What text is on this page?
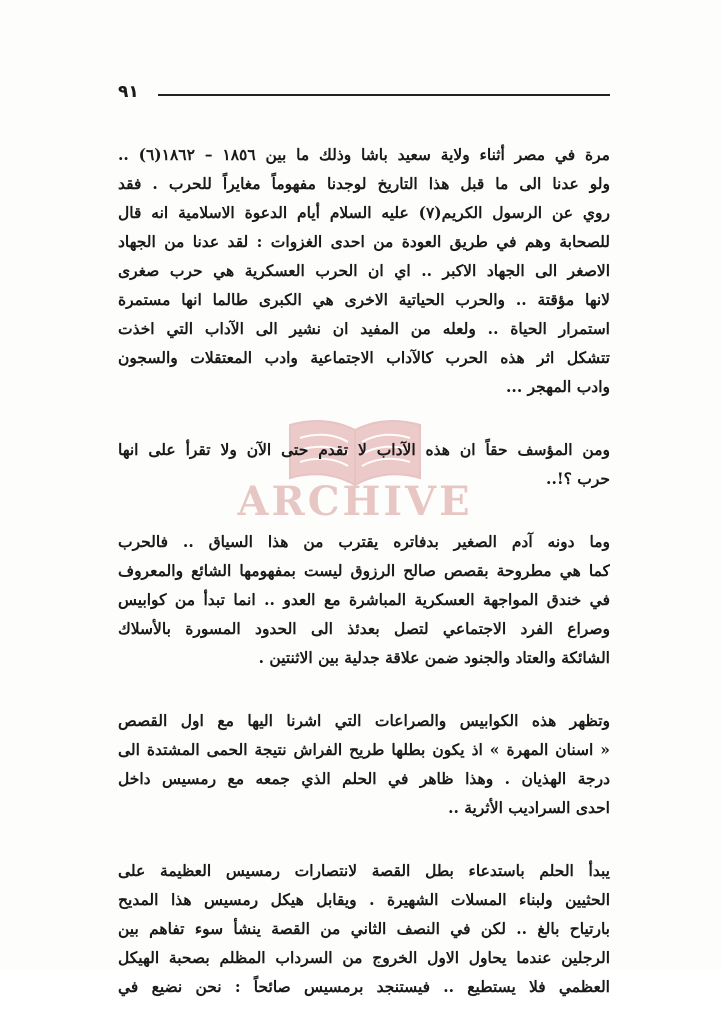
٩١
ARCHIVE
مرة في مصر أثناء ولاية سعيد باشا وذلك ما بين ١٨٥٦ – ١٨٦٢(٦) ..
ولو عدنا الى ما قبل هذا التاريخ لوجدنا مفهوماً مغايراً للحرب . فقد
روي عن الرسول الكريم(٧) عليه السلام أيام الدعوة الاسلامية انه قال
للصحابة وهم في طريق العودة من احدى الغزوات : لقد عدنا من الجهاد
الاصغر الى الجهاد الاكبر .. اي ان الحرب العسكرية هي حرب صغرى
لانها مؤقتة .. والحرب الحياتية الاخرى هي الكبرى طالما انها مستمرة
استمرار الحياة .. ولعله من المفيد ان نشير الى الآداب التي اخذت
تتشكل اثر هذه الحرب كالآداب الاجتماعية وادب المعتقلات والسجون
وادب المهجر ...
ومن المؤسف حقاً ان هذه الآداب لا تقدم حتى الآن ولا تقرأ على انها
حرب ؟!..
وما دونه آدم الصغير بدفاتره يقترب من هذا السياق .. فالحرب
كما هي مطروحة بقصص صالح الرزوق ليست بمفهومها الشائع والمعروف
في خندق المواجهة العسكرية المباشرة مع العدو .. انما تبدأ من كوابيس
وصراع الفرد الاجتماعي لتصل بعدئذ الى الحدود المسورة بالأسلاك
الشائكة والعتاد والجنود ضمن علاقة جدلية بين الاثنتين .
وتظهر هذه الكوابيس والصراعات التي اشرنا اليها مع اول القصص
« اسنان المهرة » اذ يكون بطلها طريح الفراش نتيجة الحمى المشتدة الى
درجة الهذيان . وهذا ظاهر في الحلم الذي جمعه مع رمسيس داخل
احدى السراديب الأثرية ..
يبدأ الحلم باستدعاء بطل القصة لانتصارات رمسيس العظيمة على
الحثيين ولبناء المسلات الشهيرة . ويقابل هيكل رمسيس هذا المديح
بارتياح بالغ .. لكن في النصف الثاني من القصة ينشأ سوء تفاهم بين
الرجلين عندما يحاول الاول الخروج من السرداب المظلم بصحبة الهيكل
العظمي فلا يستطيع .. فيستنجد برمسيس صائحاً : نحن نضيع في
